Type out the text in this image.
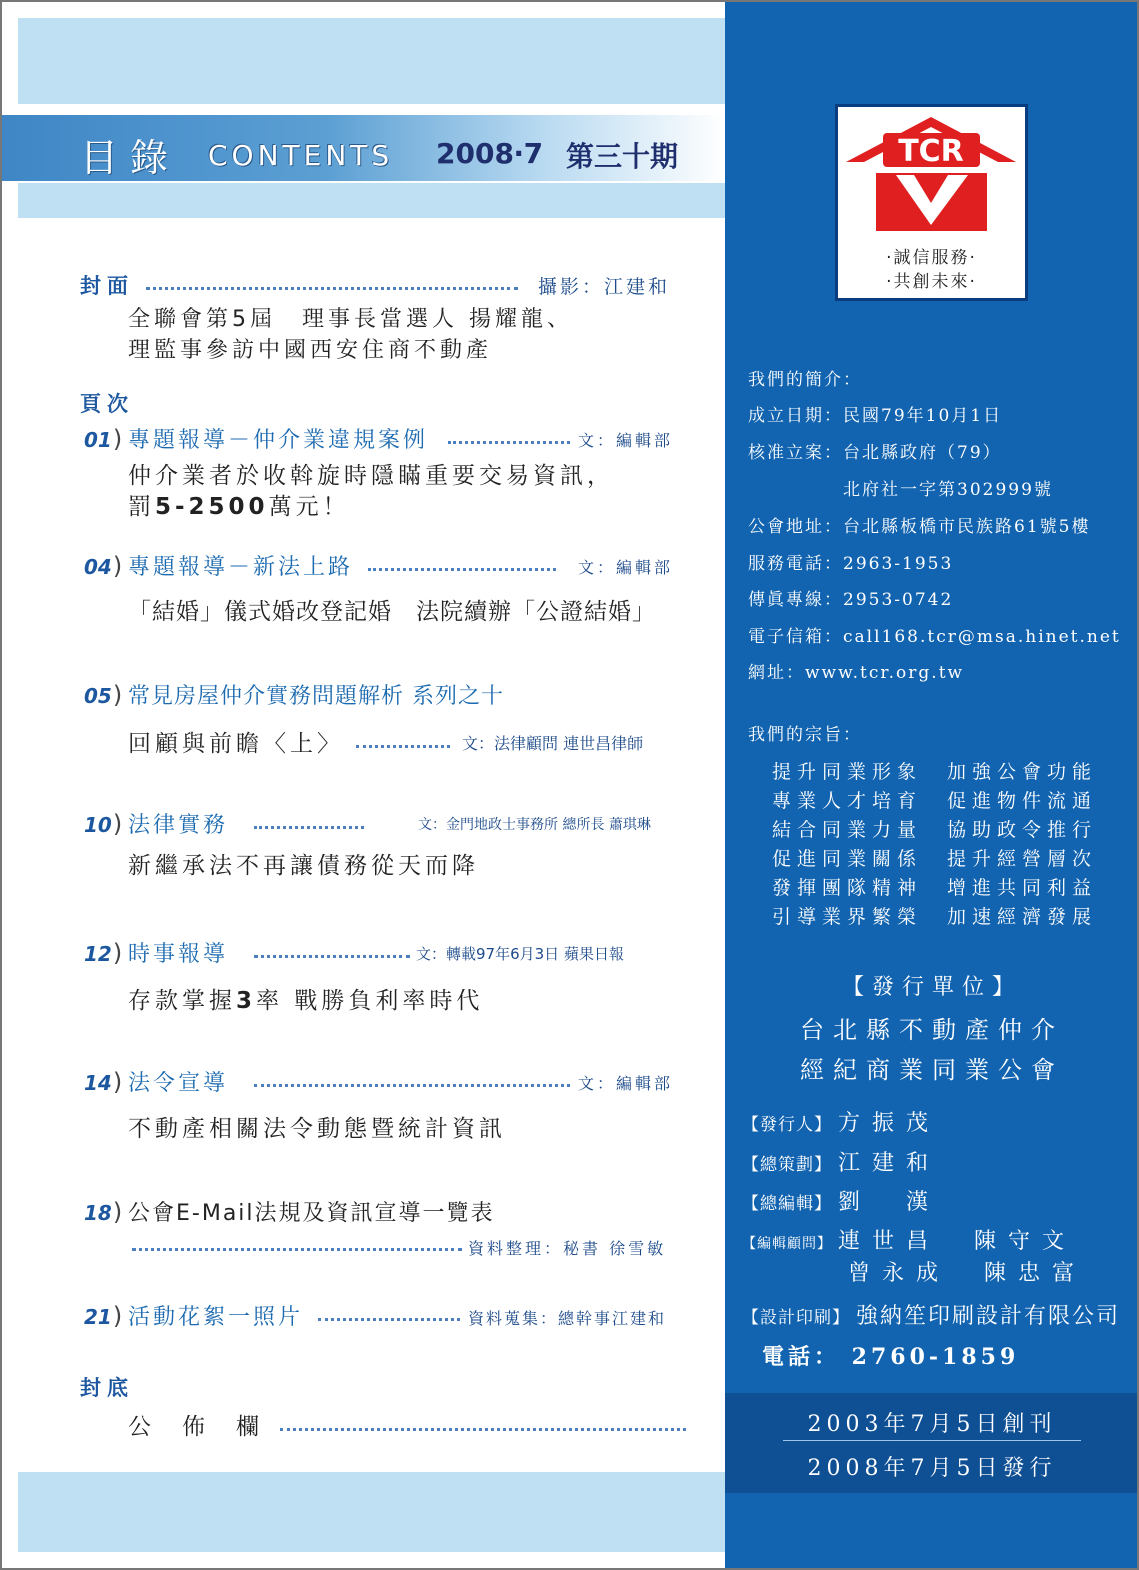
目錄 CONTENTS 2008‧7 第三十期
封面	攝影：江建和
全聯會第5屆　理事長當選人 揚耀龍、
理監事參訪中國西安住商不動產
頁次
01 ) 專題報導－仲介業違規案例	文：編輯部
仲介業者於收斡旋時隱瞞重要交易資訊，
罰5-2500萬元！
04 ) 專題報導－新法上路	文：編輯部
「結婚」儀式婚改登記婚　法院續辦「公證結婚」
05 ) 常見房屋仲介實務問題解析 系列之十
回顧與前瞻〈上〉	文：法律顧問 連世昌律師
10 ) 法律實務	文：金門地政士事務所 總所長 蕭琪琳
新繼承法不再讓債務從天而降
12 ) 時事報導	文：轉載97年6月3日 蘋果日報
存款掌握3率 戰勝負利率時代
14 ) 法令宣導	文：編輯部
不動產相關法令動態暨統計資訊
18 ) 公會E-Mail法規及資訊宣導一覽表
資料整理：秘書 徐雪敏
21 ) 活動花絮一照片	資料蒐集：總幹事江建和
封底
公　佈　欄
TCR
‧誠信服務‧
‧共創未來‧
我們的簡介：
成立日期：民國79年10月1日
核准立案：台北縣政府（79）
　　　　　北府社一字第302999號
公會地址：台北縣板橋市民族路61號5樓
服務電話：2963-1953
傳眞專線：2953-0742
電子信箱：call168.tcr@msa.hinet.net
網址：www.tcr.org.tw
我們的宗旨：
提升同業形象　加強公會功能
專業人才培育　促進物件流通
結合同業力量　協助政令推行
促進同業關係　提升經營層次
發揮團隊精神　增進共同利益
引導業界繁榮　加速經濟發展
【發行單位】
台北縣不動產仲介
經紀商業同業公會
【發行人】 方振茂
【總策劃】 江建和
【總編輯】 劉　漢
【編輯顧問】 連世昌　陳守文
曾永成　陳忠富
【設計印刷】 強納笙印刷設計有限公司
電話： 2760-1859
2003年7月5日創刊
2008年7月5日發行
